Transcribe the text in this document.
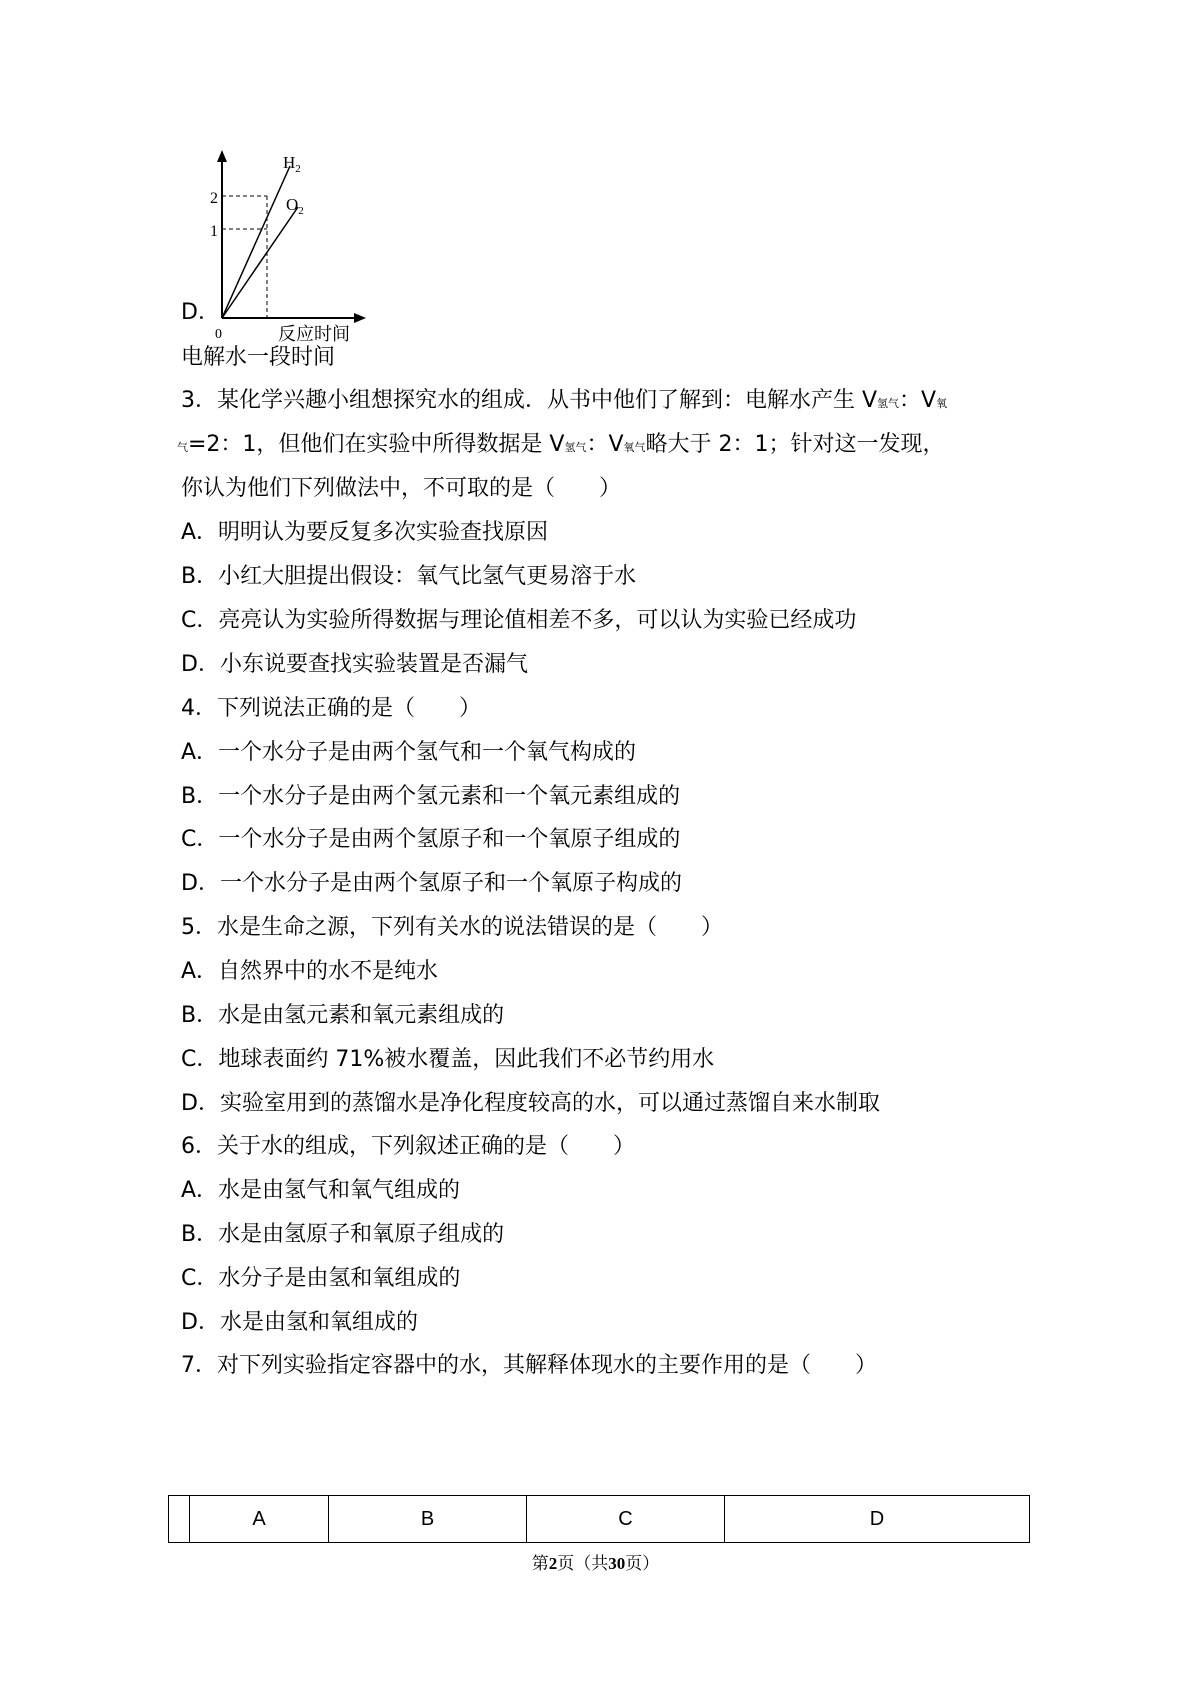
2
1
0
$H_2$
$O_2$
反应时间
D．
电解水一段时间
3．某化学兴趣小组想探究水的组成．从书中他们了解到：电解水产生 V氢气：V氧
气=2：1，但他们在实验中所得数据是 V氢气：V氧气略大于 2：1；针对这一发现，
你认为他们下列做法中，不可取的是（　　）
A．明明认为要反复多次实验查找原因
B．小红大胆提出假设：氧气比氢气更易溶于水
C．亮亮认为实验所得数据与理论值相差不多，可以认为实验已经成功
D．小东说要查找实验装置是否漏气
4．下列说法正确的是（　　）
A．一个水分子是由两个氢气和一个氧气构成的
B．一个水分子是由两个氢元素和一个氧元素组成的
C．一个水分子是由两个氢原子和一个氧原子组成的
D．一个水分子是由两个氢原子和一个氧原子构成的
5．水是生命之源，下列有关水的说法错误的是（　　）
A．自然界中的水不是纯水
B．水是由氢元素和氧元素组成的
C．地球表面约 71%被水覆盖，因此我们不必节约用水
D．实验室用到的蒸馏水是净化程度较高的水，可以通过蒸馏自来水制取
6．关于水的组成，下列叙述正确的是（　　）
A．水是由氢气和氧气组成的
B．水是由氢原子和氧原子组成的
C．水分子是由氢和氧组成的
D．水是由氢和氧组成的
7．对下列实验指定容器中的水，其解释体现水的主要作用的是（　　）
	A	B	C	D
第2页（共30页）
